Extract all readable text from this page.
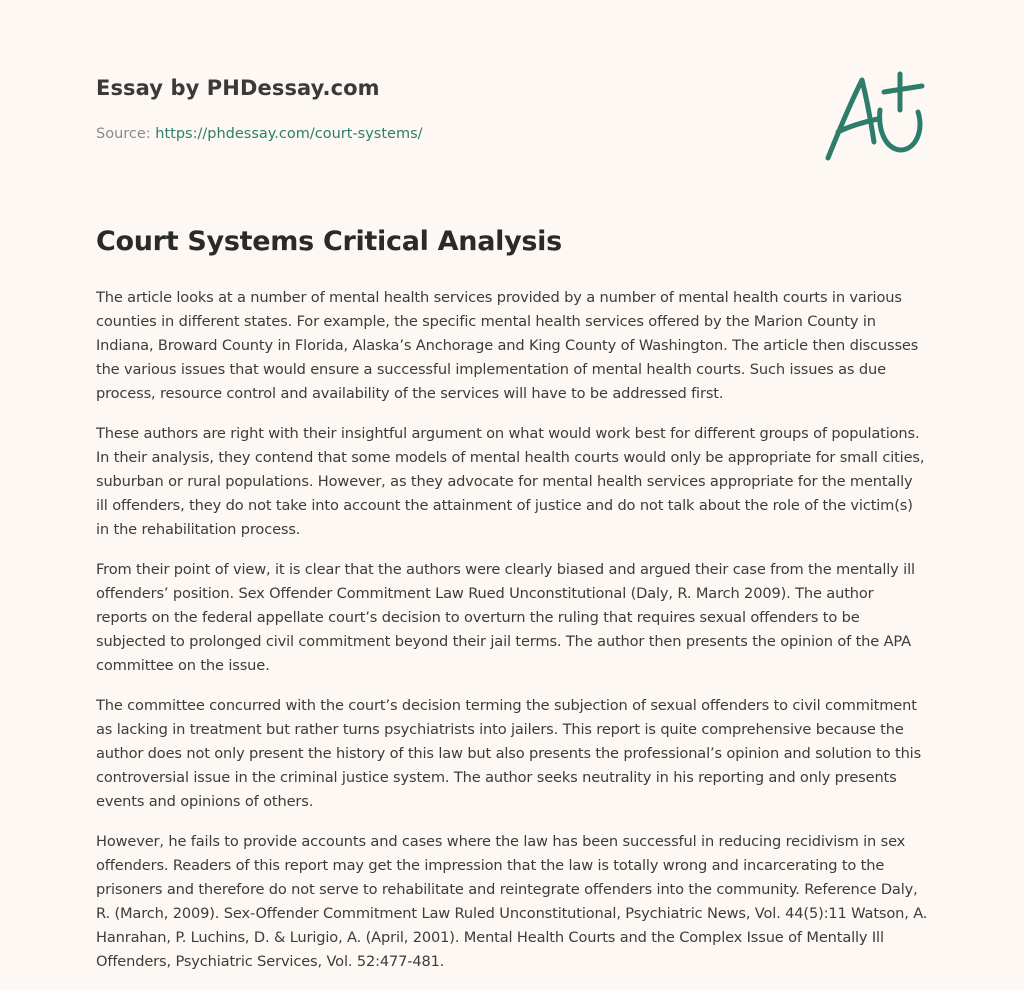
Essay by PHDessay.com
Source: https://phdessay.com/court-systems/
Court Systems Critical Analysis

The article looks at a number of mental health services provided by a number of mental health courts in various counties in different states. For example, the specific mental health services offered by the Marion County in Indiana, Broward County in Florida, Alaska’s Anchorage and King County of Washington. The article then discusses the various issues that would ensure a successful implementation of mental health courts. Such issues as due process, resource control and availability of the services will have to be addressed first.

These authors are right with their insightful argument on what would work best for different groups of populations. In their analysis, they contend that some models of mental health courts would only be appropriate for small cities, suburban or rural populations. However, as they advocate for mental health services appropriate for the mentally ill offenders, they do not take into account the attainment of justice and do not talk about the role of the victim(s) in the rehabilitation process.

From their point of view, it is clear that the authors were clearly biased and argued their case from the mentally ill offenders’ position. Sex Offender Commitment Law Rued Unconstitutional (Daly, R. March 2009). The author reports on the federal appellate court’s decision to overturn the ruling that requires sexual offenders to be subjected to prolonged civil commitment beyond their jail terms. The author then presents the opinion of the APA committee on the issue.

The committee concurred with the court’s decision terming the subjection of sexual offenders to civil commitment as lacking in treatment but rather turns psychiatrists into jailers. This report is quite comprehensive because the author does not only present the history of this law but also presents the professional’s opinion and solution to this controversial issue in the criminal justice system. The author seeks neutrality in his reporting and only presents events and opinions of others.

However, he fails to provide accounts and cases where the law has been successful in reducing recidivism in sex offenders. Readers of this report may get the impression that the law is totally wrong and incarcerating to the prisoners and therefore do not serve to rehabilitate and reintegrate offenders into the community. Reference Daly, R. (March, 2009). Sex-Offender Commitment Law Ruled Unconstitutional, Psychiatric News, Vol. 44(5):11 Watson, A. Hanrahan, P. Luchins, D. & Lurigio, A. (April, 2001). Mental Health Courts and the Complex Issue of Mentally Ill Offenders, Psychiatric Services, Vol. 52:477-481.
